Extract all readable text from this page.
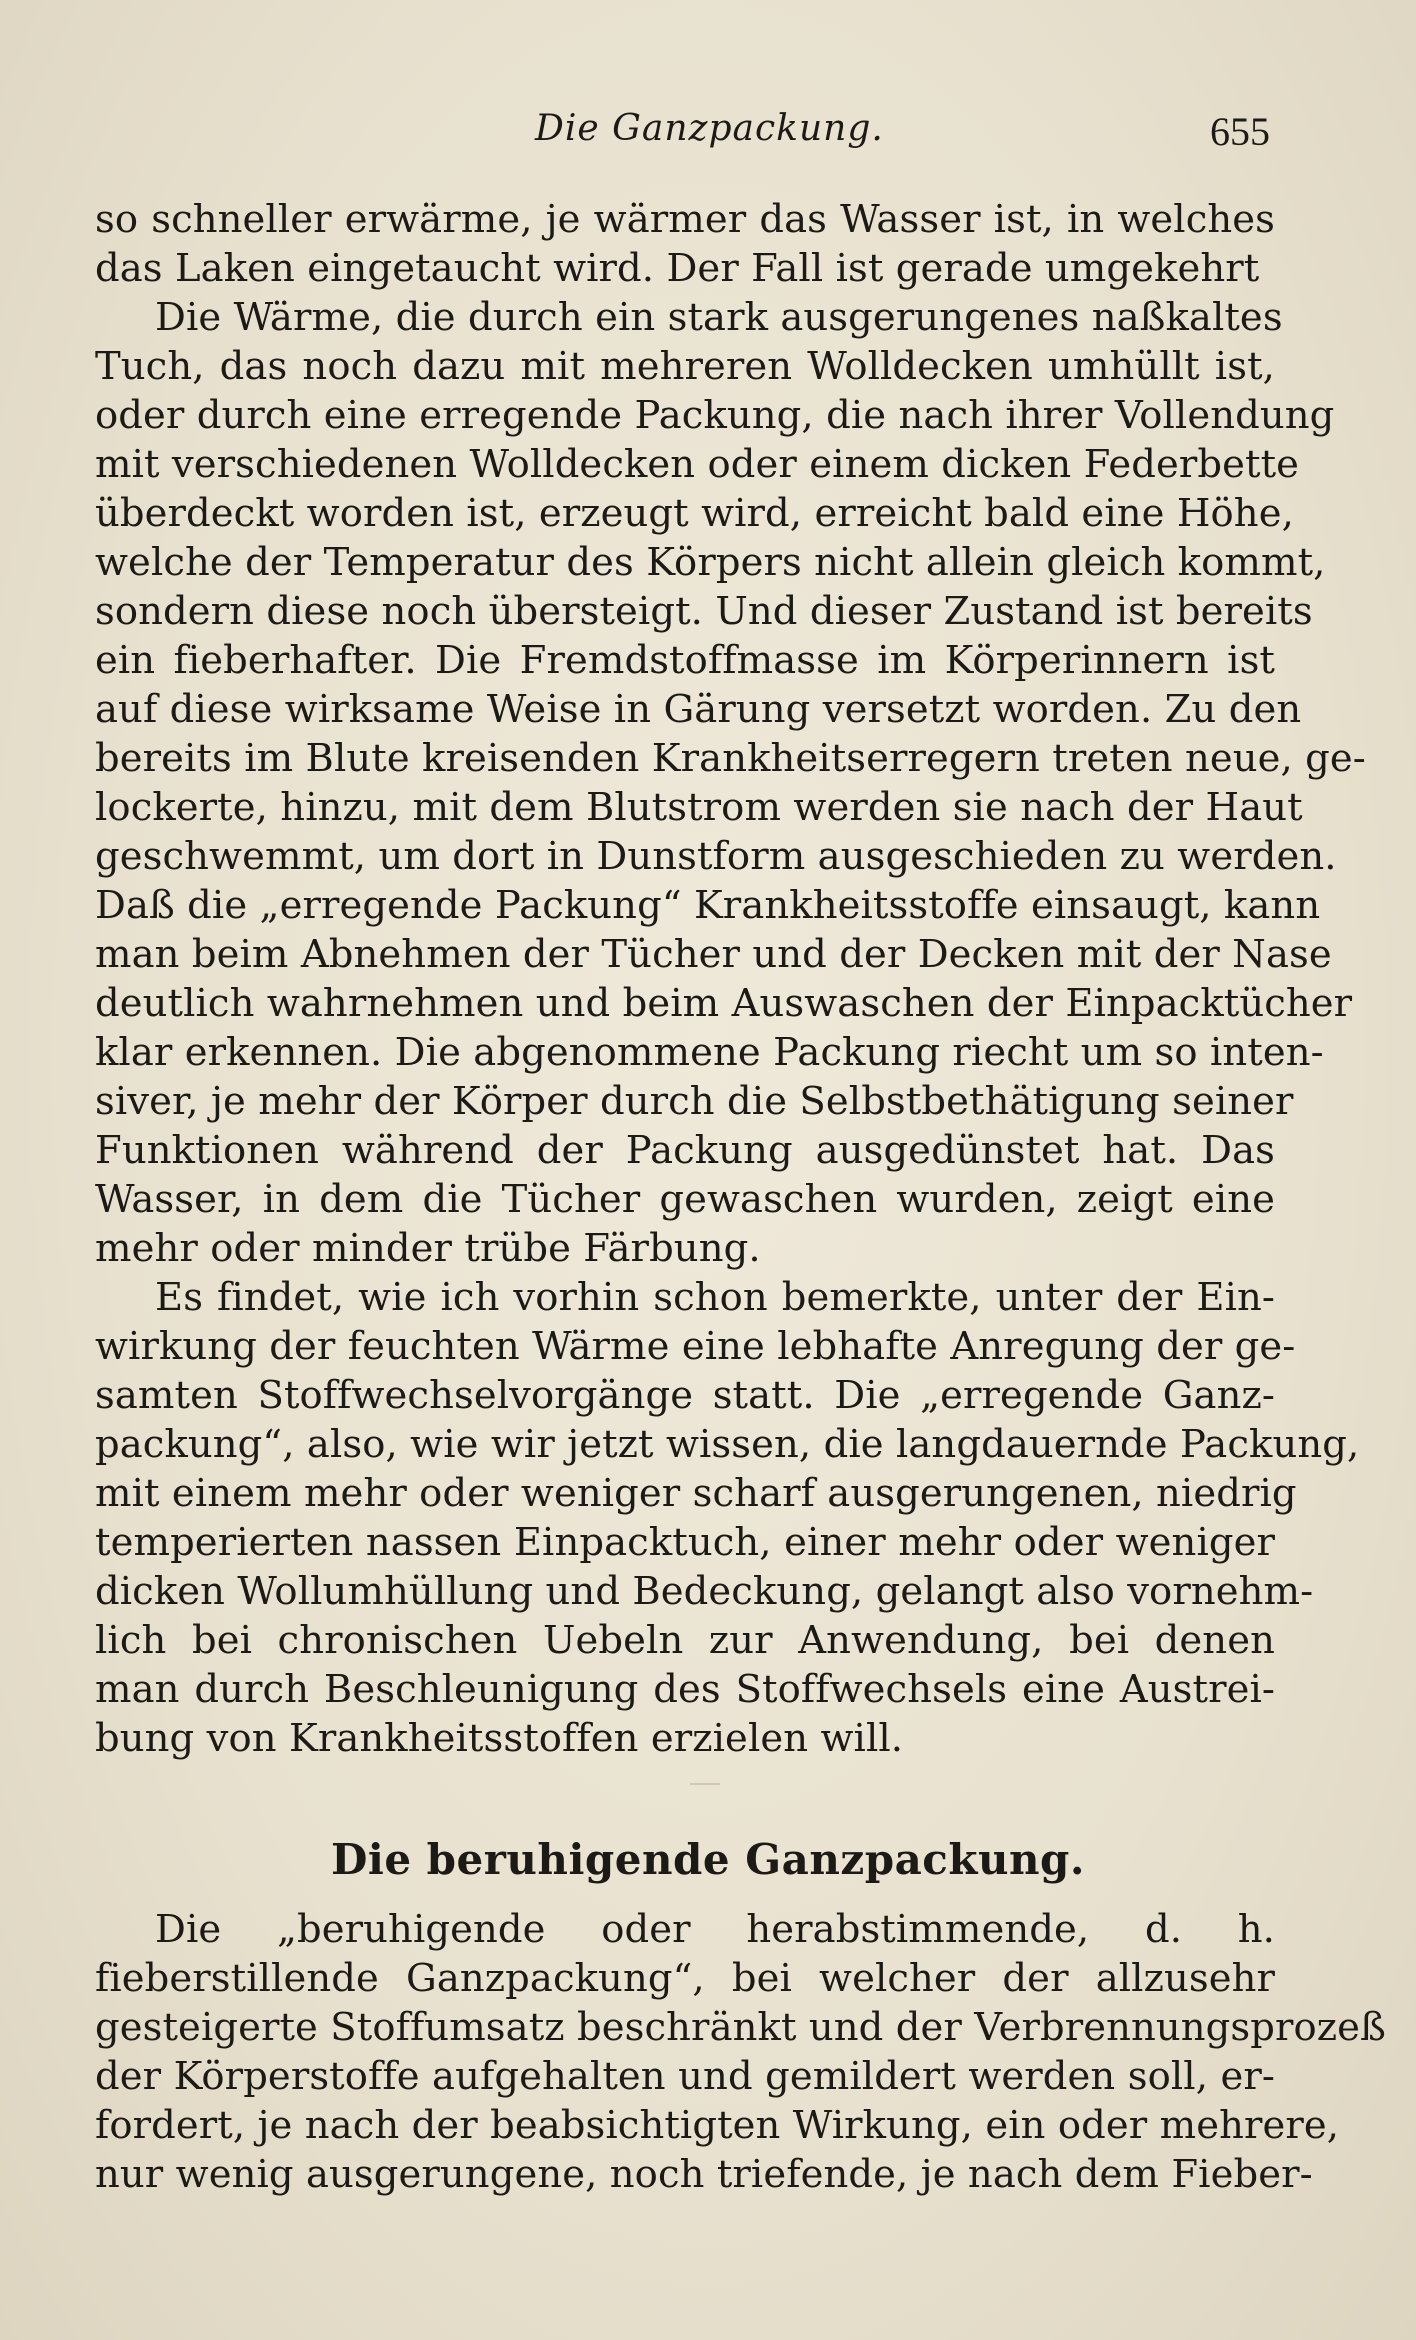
Die Ganzpackung.	655
so schneller erwärme, je wärmer das Wasser ist, in welches
das Laken eingetaucht wird. Der Fall ist gerade umgekehrt
Die Wärme, die durch ein stark ausgerungenes naßkaltes
Tuch, das noch dazu mit mehreren Wolldecken umhüllt ist,
oder durch eine erregende Packung, die nach ihrer Vollendung
mit verschiedenen Wolldecken oder einem dicken Federbette
überdeckt worden ist, erzeugt wird, erreicht bald eine Höhe,
welche der Temperatur des Körpers nicht allein gleich kommt,
sondern diese noch übersteigt. Und dieser Zustand ist bereits
ein fieberhafter. Die Fremdstoffmasse im Körperinnern ist
auf diese wirksame Weise in Gärung versetzt worden. Zu den
bereits im Blute kreisenden Krankheitserregern treten neue, ge-
lockerte, hinzu, mit dem Blutstrom werden sie nach der Haut
geschwemmt, um dort in Dunstform ausgeschieden zu werden.
Daß die „erregende Packung“ Krankheitsstoffe einsaugt, kann
man beim Abnehmen der Tücher und der Decken mit der Nase
deutlich wahrnehmen und beim Auswaschen der Einpacktücher
klar erkennen. Die abgenommene Packung riecht um so inten-
siver, je mehr der Körper durch die Selbstbethätigung seiner
Funktionen während der Packung ausgedünstet hat. Das
Wasser, in dem die Tücher gewaschen wurden, zeigt eine
mehr oder minder trübe Färbung.
Es findet, wie ich vorhin schon bemerkte, unter der Ein-
wirkung der feuchten Wärme eine lebhafte Anregung der ge-
samten Stoffwechselvorgänge statt. Die „erregende Ganz-
packung“, also, wie wir jetzt wissen, die langdauernde Packung,
mit einem mehr oder weniger scharf ausgerungenen, niedrig
temperierten nassen Einpacktuch, einer mehr oder weniger
dicken Wollumhüllung und Bedeckung, gelangt also vornehm-
lich bei chronischen Uebeln zur Anwendung, bei denen
man durch Beschleunigung des Stoffwechsels eine Austrei-
bung von Krankheitsstoffen erzielen will.
Die beruhigende Ganzpackung.
Die „beruhigende oder herabstimmende, d. h.
fieberstillende Ganzpackung“, bei welcher der allzusehr
gesteigerte Stoffumsatz beschränkt und der Verbrennungsprozeß
der Körperstoffe aufgehalten und gemildert werden soll, er-
fordert, je nach der beabsichtigten Wirkung, ein oder mehrere,
nur wenig ausgerungene, noch triefende, je nach dem Fieber-
